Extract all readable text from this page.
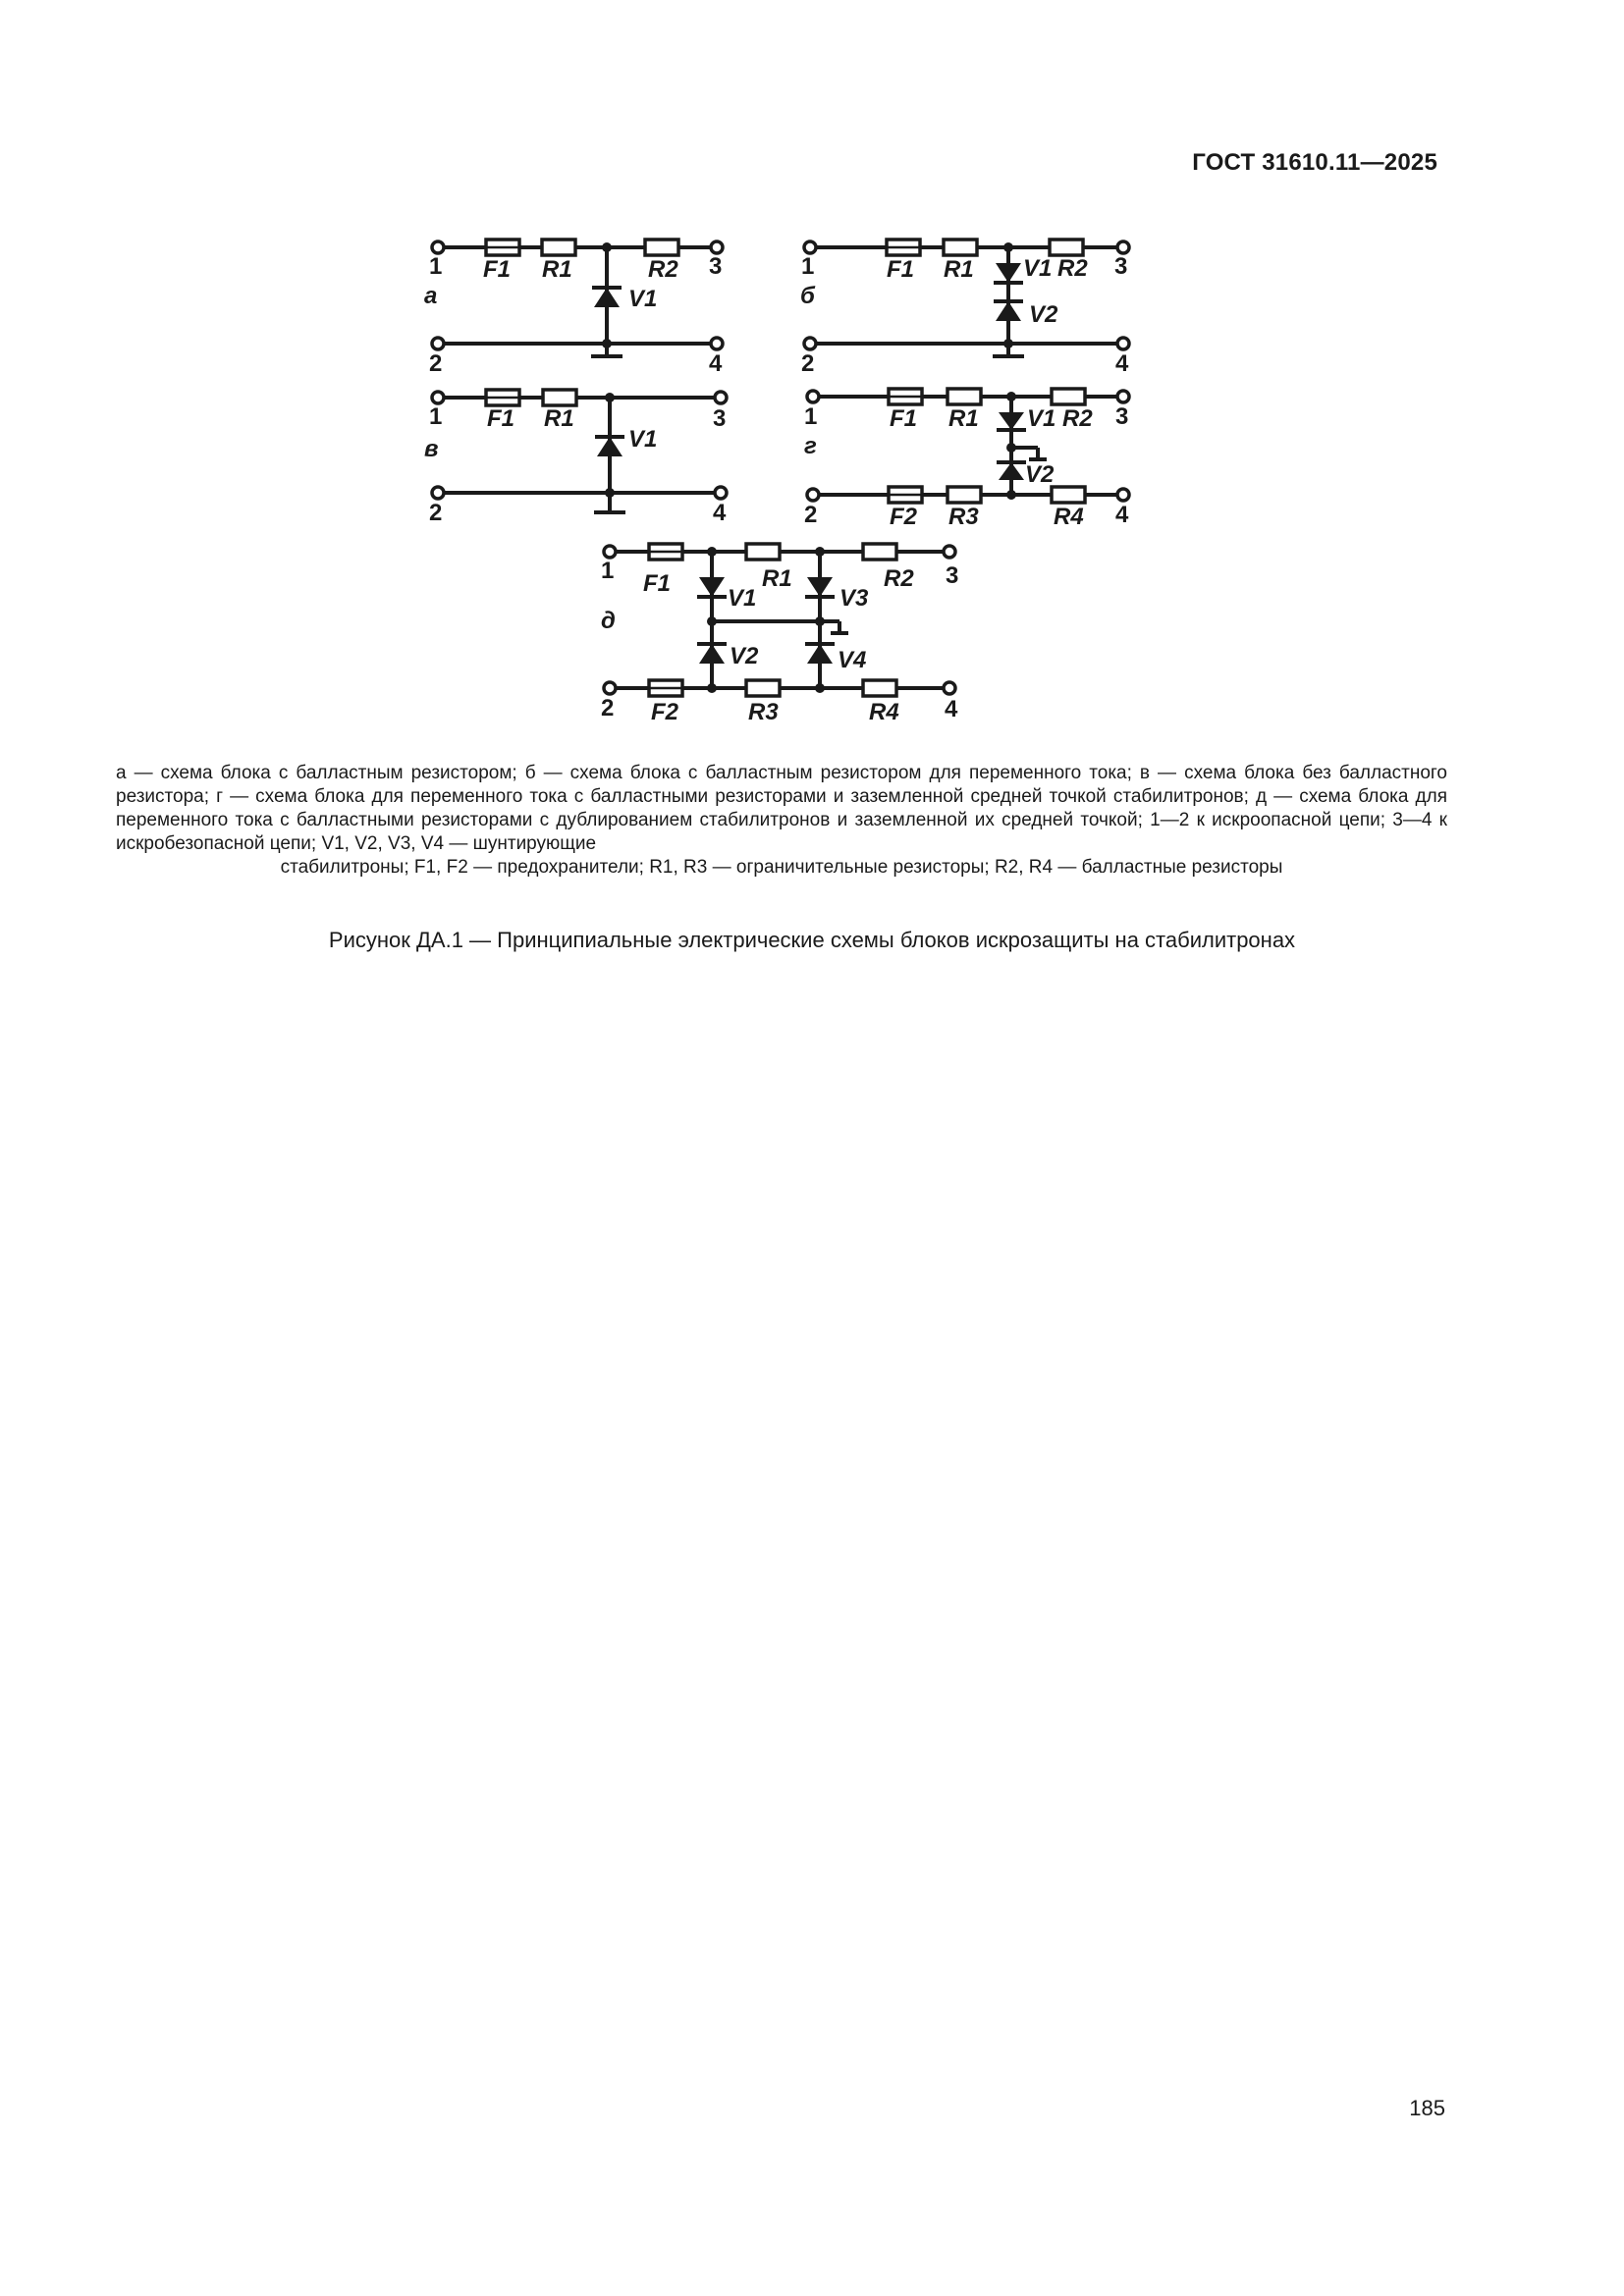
ГОСТ 31610.11—2025
1	3
2	4
а
F1 R1	R2
V1
1	3
2	4
б
F1 R1 V1 R2
V2
1	3
2	4
в
F1 R1
V1
1	3
2	4
г
F1 R1 V1 R2
V2
F2 R3	R4
1	3
2	4
д
F1	R1	R2
V1	V3
V2	V4
F2	R3	R4
а — схема блока с балластным резистором; б — схема блока с балластным резистором для переменного тока; в — схема блока без балластного резистора; г — схема блока для переменного тока с балластными резисторами и заземленной средней точкой стабилитронов; д — схема блока для переменного тока с балластными резисторами с дублированием стабилитронов и заземленной их средней точкой; 1—2 к искроопасной цепи; 3—4 к искробезопасной цепи; V1, V2, V3, V4 — шунтирующие
стабилитроны; F1, F2 — предохранители; R1, R3 — ограничительные резисторы; R2, R4 — балластные резисторы
Рисунок ДА.1 — Принципиальные электрические схемы блоков искрозащиты на стабилитронах
185
